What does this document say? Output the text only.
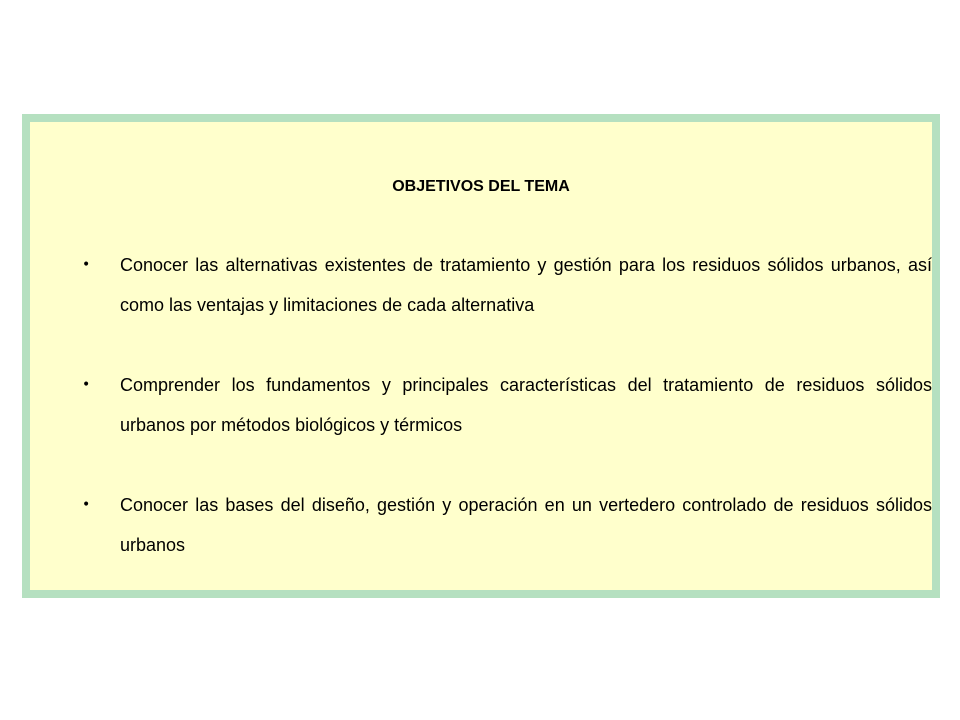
OBJETIVOS DEL TEMA
•	Conocer las alternativas existentes de tratamiento y gestión para los residuos sólidos urbanos, así como las ventajas y limitaciones de cada alternativa
•	Comprender los fundamentos y principales características del tratamiento de residuos sólidos urbanos por métodos biológicos y térmicos
•	Conocer las bases del diseño, gestión y operación en un vertedero controlado de residuos sólidos urbanos
